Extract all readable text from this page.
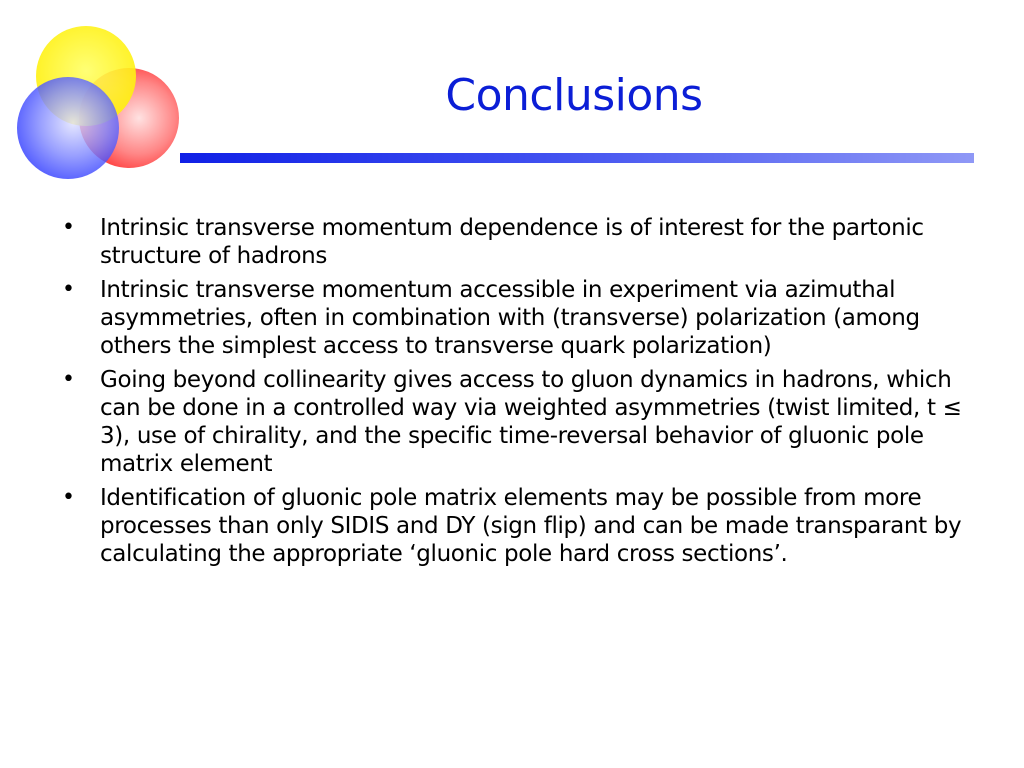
Conclusions
•	Intrinsic transverse momentum dependence is of interest for the partonic structure of hadrons
•	Intrinsic transverse momentum accessible in experiment via azimuthal asymmetries, often in combination with (transverse) polarization (among others the simplest access to transverse quark polarization)
•	Going beyond collinearity gives access to gluon dynamics in hadrons, which can be done in a controlled way via weighted asymmetries (twist limited, t ≤ 3), use of chirality, and the specific time-reversal behavior of gluonic pole matrix element
•	Identification of gluonic pole matrix elements may be possible from more processes than only SIDIS and DY (sign flip) and can be made transparant by calculating the appropriate ‘gluonic pole hard cross sections’.
